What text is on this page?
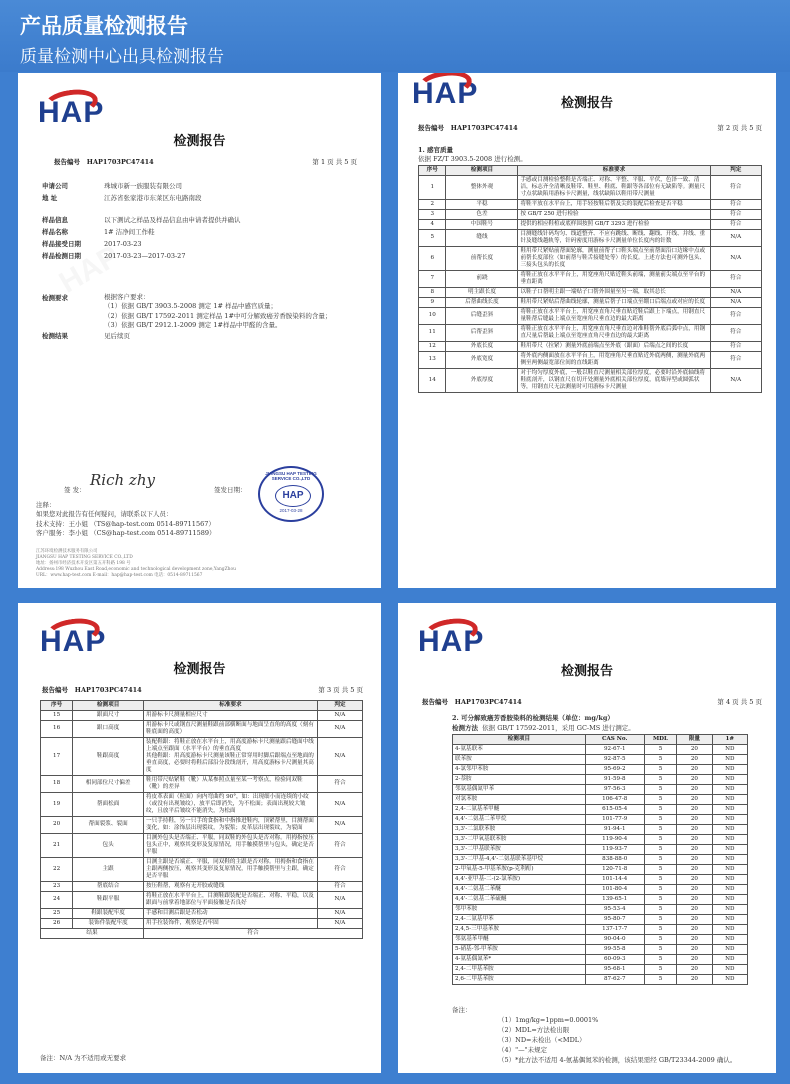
产品质量检测报告
质量检测中心出具检测报告
HAP
检测报告
报告编号 HAP1703PC47414	第 1 页 共 5 页
申请公司	珠城市新一族服装有限公司
地 址	江苏省张家港市东莱区东电路南段
样品信息	以下测试之样品及样品信息由申请者提供并确认
样品名称	1# 洁净间工作鞋
样品接受日期	2017-03-23
样品检测日期	2017-03-23—2017-03-27
检测要求	根据客户要求：
（1）依据 GB/T 3903.5-2008 测定 1# 样品中感官质量；
（2）依据 GB/T 17592-2011 测定样品 1#中可分解致癌芳香胺染料的含量；
（3）依据 GB/T 2912.1-2009 测定 1#样品中甲醛的含量。
检测结果	见后续页
签 发：
Rich zhy
签发日期：
JIANGSU HAP TESTING SERVICE CO.,LTD
HAP
2017-03-28
注释：
如果您对此报告有任何疑问，请联系以下人员：
技术支持：王小姐 （TS@hap-test.com 0514-89711567）
客户服务：李小姐 （CS@hap-test.com 0514-89711589）
江苏环境检测技术服务有限公司
JIANGSU HAP TESTING SERVICE CO.,LTD
地址：扬州市经济技术开发区第五开科路 198 号
Address:198 Wuzhou East Road,economic and technological development zone,YangZhou
URL：www.hap-test.com E-mail：hap@hap-test.com 电话：0514-89711567
HAP	检测报告
报告编号 HAP1703PC47414	第 2 页 共 5 页
1. 感官质量
依据 FZ/T 3903.5-2008 进行检测。
序号	检测项目	标准要求	判定
1	整体外观	手感或目测检验整鞋是否端正、对称、平整、平服、平伏，色泽一致、清洁，标志齐全清晰及鞋带、鞋里、鞋底、鞋跟等各部位有无缺陷等。测量尺寸点状缺陷用游标卡尺测量，线状缺陷以鞋用带尺测量	符合
2	平稳	将鞋平放在水平台上，用手轻按鞋后帮及尖的装配后检查是否平稳	符合
3	色差	按 GB/T 250 进行检验	符合
4	中国鞋号	提供的相应鞋楦或底样围按照 GB/T 3293 进行检验	符合
5	缝线	目测缝线针码均匀、线道整齐、不应有跳线、断线、翻线、开线、并线、重针及缝线越轨等，针码密度用游标卡尺测量单位长度内的针数	N/A
6	前帮长度	鞋用带尺紧贴前帮面轮廓，测量前帮子口鞋头端点至前帮面沿口边缘中点或前帮长度部位（如前帮与鞋舌接缝处等）的长度。上述方法也可测外包头、三接头包头的长度	N/A
7	前跷	将鞋正放在水平平台上，用宽座角尺贴近鞋头前端，测量前尖端点至平台的垂直距离	符合
8	明主跟长度	以鞋子口帮明主跟一端贴子口帮外围量至另一端，取其总长	N/A
9	后帮曲线长度	鞋用带尺紧贴后帮曲线轮廓，测量后帮子口端点至绷口后端点或对应的长度	N/A
10	后缝歪斜	将鞋正放在水平平台上，用宽座直角尺垂直贴近鞋后跟上下端点，用钢直尺量鞋帮后缝最上端点至宽座角尺垂直边的最大距离	符合
11	后帮歪斜	将鞋正放在水平平台上，用宽座直角尺垂直边对准鞋帮外底后弧中点，用钢直尺量后帮最上端点至宽座直角尺垂直边的最大距离	符合
12	外底长度	鞋用带尺（拉紧）测量外底前端点至外底（跟面）后端点之间的长度	符合
13	外底宽度	将外底内侧面放在水平平台上，用宽座角尺垂直贴近外底两侧，测量外底两侧至两侧最宽部位间的直线距离	符合
14	外底厚度	对于均匀厚度外底，一般以鞋直尺测量相关部位厚度，必要时沿外底轴线将鞋底剖开，以钢直尺在切开处测量外底相关部位厚度，底墙异型或圆弧状等，用钢直尺无法测量时可用游标卡尺测量	N/A
HAP
检测报告
报告编号 HAP1703PC47414	第 3 页 共 5 页
序号	检测项目	标准要求	判定
15	跟面尺寸	用游标卡尺测量相应尺寸	N/A
16	跟口高度	用游标卡尺或钢直尺测量鞋跟前部横断面与地面呈直角的高度（刻有鞋底面的高度）	N/A
17	鞋跟高度	装配鞋跟：将鞋正放在水平台上，用高度游标卡尺测量跟后缝面中线上端点至跟面（水平平台）的垂直高度
其他鞋跟：用高度游标卡尺测量该鞋正常穿用时脚后跟端点至地面的垂直高度，必要时将鞋后部沿分段线剖开，用高度游标卡尺测量其高度	N/A
18	相同部位尺寸偏差	鞋用带尺贴紧鞋（靴）从某参照点量至某一考察点，检验同双鞋（靴）的差异	符合
19	帮面松面	将皮革表面（粒面）向内弯曲约 90°，如：出现细小而连续的小纹（或没有出现皱纹），放平后即消失，为不松面；表面出现较大皱纹，且放平后皱纹不能消失，为松面	N/A
20	帮面裂浆、裂面	一只手持鞋，另一只手的食指和中指推进鞋内，顶紧帮里，目测帮面变化，如：涂饰层出现裂纹，为裂浆；皮革层出现裂纹，为裂面	N/A
21	包头	目测外包头是否端正、平服，同双鞋的外包头是否对称。用拇指按压包头正中，观察其变形及复原情况，用手触摸帮里与包头，确定是否平服	符合
22	主跟	目测主跟是否端正、平服，同双鞋的主跟是否对称。用拇指和食指在主跟两侧按压，观察其变形及复原情况，用手触摸帮里与主跟，确定是否平服	符合
23	帮底结合	按压鞋帮，观察有无开胶或缝线	符合
24	鞋跟平服	将鞋正放在水平平台上，目测鞋跟装配是否端正、对称、平稳，以及跟面与前掌着地部位与平面接触是否良好	N/A
25	鞋跟装配牢度	手感和目测后跟是否松动	N/A
26	装饰件装配牢度	用手拉装饰件，观察是否牢固	N/A
结果		符合	
备注：N/A 为不适用或无要求
HAP
检测报告
报告编号 HAP1703PC47414	第 4 页 共 5 页
2. 可分解致癌芳香胺染料的检测结果（单位：mg/kg）
检测方法 依据 GB/T 17592-2011，采用 GC-MS 进行测定。
检测项目	CAS No.	MDL	限量	1#
4-氨基联苯	92-67-1	5	20	ND
联苯胺	92-87-5	5	20	ND
4-氯邻甲苯胺	95-69-2	5	20	ND
2-萘胺	91-59-8	5	20	ND
邻氨基偶氮甲苯	97-56-3	5	20	ND
对氯苯胺	106-47-8	5	20	ND
2,4-二氨基苯甲醚	615-05-4	5	20	ND
4,4'-二氨基二苯甲烷	101-77-9	5	20	ND
3,3'-二氯联苯胺	91-94-1	5	20	ND
3,3'-二甲氧基联苯胺	119-90-4	5	20	ND
3,3'-二甲基联苯胺	119-93-7	5	20	ND
3,3'-二甲基-4,4'-二氨基联苯基甲烷	838-88-0	5	20	ND
2-甲氧基-5-甲基苯胺(p-克利酊)	120-71-8	5	20	ND
4,4'-亚甲基-二-(2-氯苯胺)	101-14-4	5	20	ND
4,4'-二氨基二苯醚	101-80-4	5	20	ND
4,4'-二氨基二苯硫醚	139-65-1	5	20	ND
邻甲苯胺	95-53-4	5	20	ND
2,4-二氨基甲苯	95-80-7	5	20	ND
2,4,5-三甲基苯胺	137-17-7	5	20	ND
邻氨基苯甲醚	90-04-0	5	20	ND
5-硝基-邻-甲苯胺	99-55-8	5	20	ND
4-氨基偶氮苯*	60-09-3	5	20	ND
2,4-二甲基苯胺	95-68-1	5	20	ND
2,6-二甲基苯胺	87-62-7	5	20	ND
备注：
（1）1mg/kg=1ppm=0.0001%
（2）MDL=方法检出限
（3）ND=未检出（<MDL）
（4）"—"未规定
（5）*此方法不适用 4-氨基偶氮苯的检测，该结果需经 GB/T23344-2009 确认。
